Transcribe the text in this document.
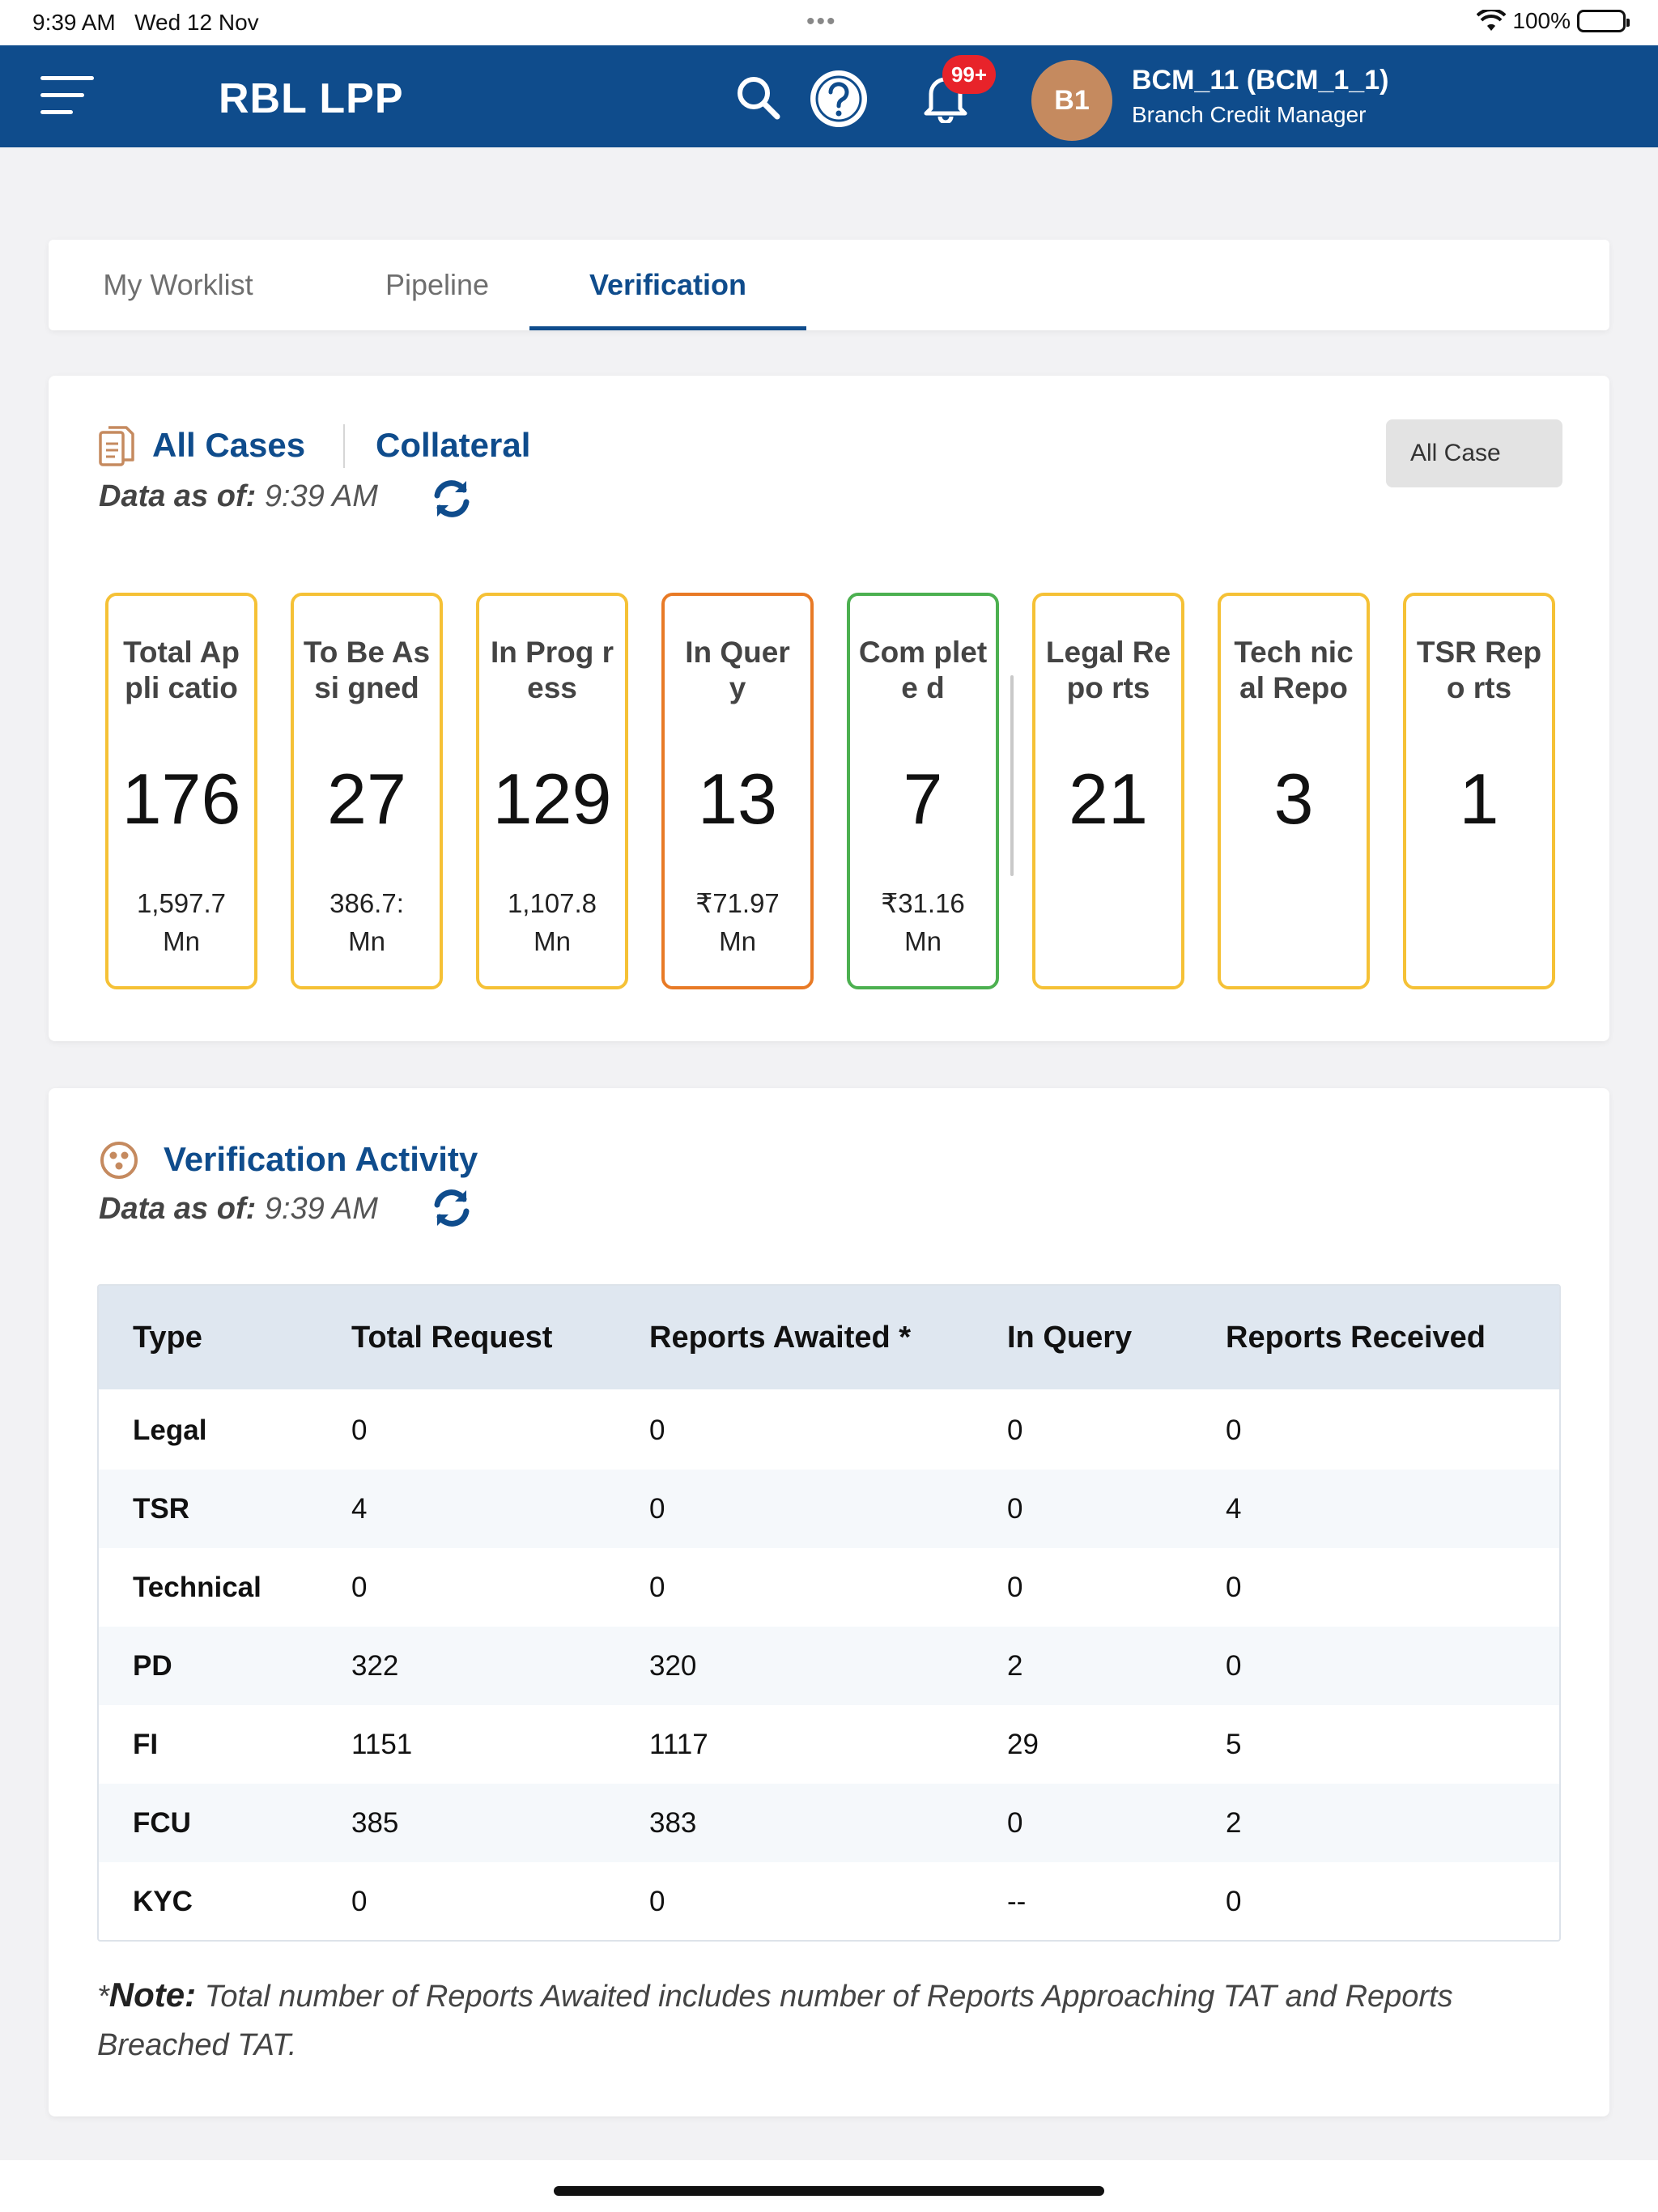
9:39 AM Wed 12 Nov	•••	100%
RBL LPP
99+
B1
BCM_11 (BCM_1_1)
Branch Credit Manager
My Worklist	Pipeline	Verification
All Cases Collateral
Data as of: 9:39 AM
All Case
Total Appli catio
176
1,597.7
Mn
To Be Assi gned
27
386.7:
Mn
In Prog ress
129
1,107.8
Mn
In Quer y
13
₹71.97
Mn
Com plete d
7
₹31.16
Mn
Legal Repo rts
21
Tech nical Repo
3
TSR Repo rts
1
Verification Activity
Data as of: 9:39 AM
Type	Total Request	Reports Awaited *	In Query	Reports Received
Legal	0	0	0	0
TSR	4	0	0	4
Technical	0	0	0	0
PD	322	320	2	0
FI	1151	1117	29	5
FCU	385	383	0	2
KYC	0	0	--	0
*Note: Total number of Reports Awaited includes number of Reports Approaching TAT and Reports Breached TAT.
